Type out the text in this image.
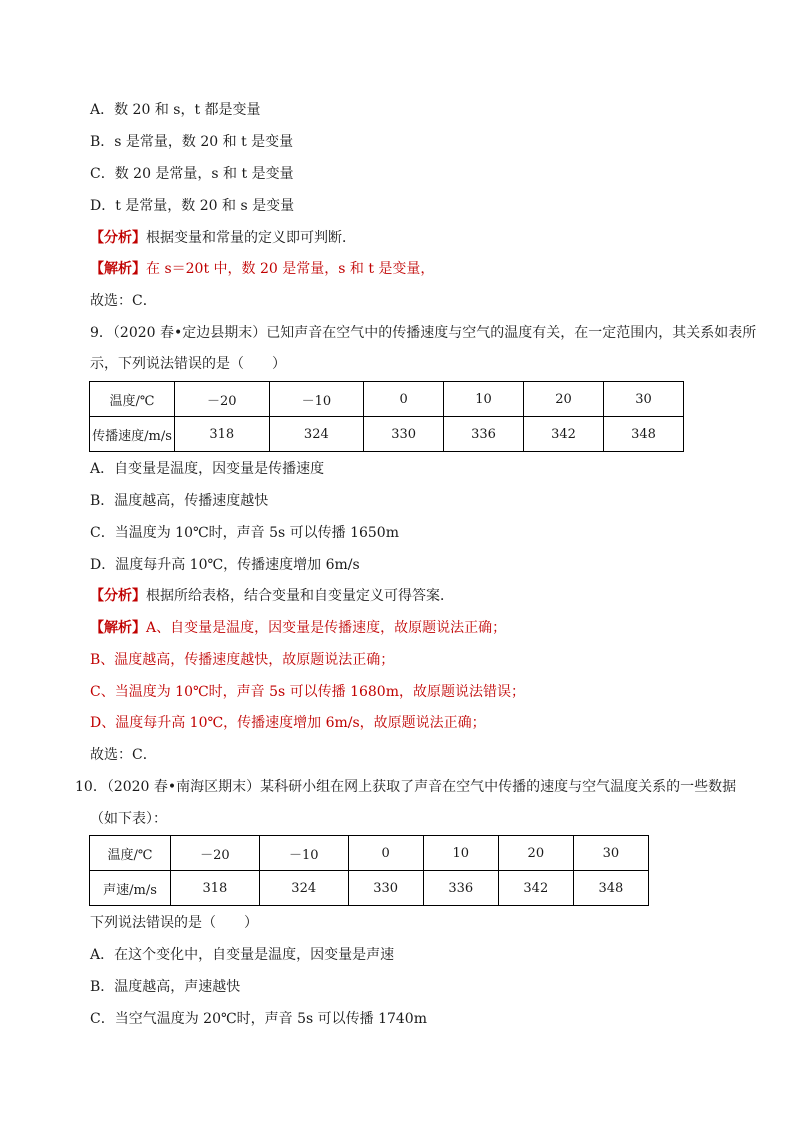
A．数 20 和 s，t 都是变量
B．s 是常量，数 20 和 t 是变量
C．数 20 是常量，s 和 t 是变量
D．t 是常量，数 20 和 s 是变量
【分析】根据变量和常量的定义即可判断．
【解析】在 s＝20t 中，数 20 是常量，s 和 t 是变量，
故选：C．
9．（2020 春•定边县期末）已知声音在空气中的传播速度与空气的温度有关，在一定范围内，其关系如表所
示，下列说法错误的是（　　）
温度/℃	－20	－10	0	10	20	30
传播速度/m/s	318	324	330	336	342	348
A．自变量是温度，因变量是传播速度
B．温度越高，传播速度越快
C．当温度为 10℃时，声音 5s 可以传播 1650m
D．温度每升高 10℃，传播速度增加 6m/s
【分析】根据所给表格，结合变量和自变量定义可得答案．
【解析】A、自变量是温度，因变量是传播速度，故原题说法正确；
B、温度越高，传播速度越快，故原题说法正确；
C、当温度为 10℃时，声音 5s 可以传播 1680m，故原题说法错误；
D、温度每升高 10℃，传播速度增加 6m/s，故原题说法正确；
故选：C．
10．（2020 春•南海区期末）某科研小组在网上获取了声音在空气中传播的速度与空气温度关系的一些数据
（如下表）：
温度/℃	－20	－10	0	10	20	30
声速/m/s	318	324	330	336	342	348
下列说法错误的是（　　）
A．在这个变化中，自变量是温度，因变量是声速
B．温度越高，声速越快
C．当空气温度为 20℃时，声音 5s 可以传播 1740m
